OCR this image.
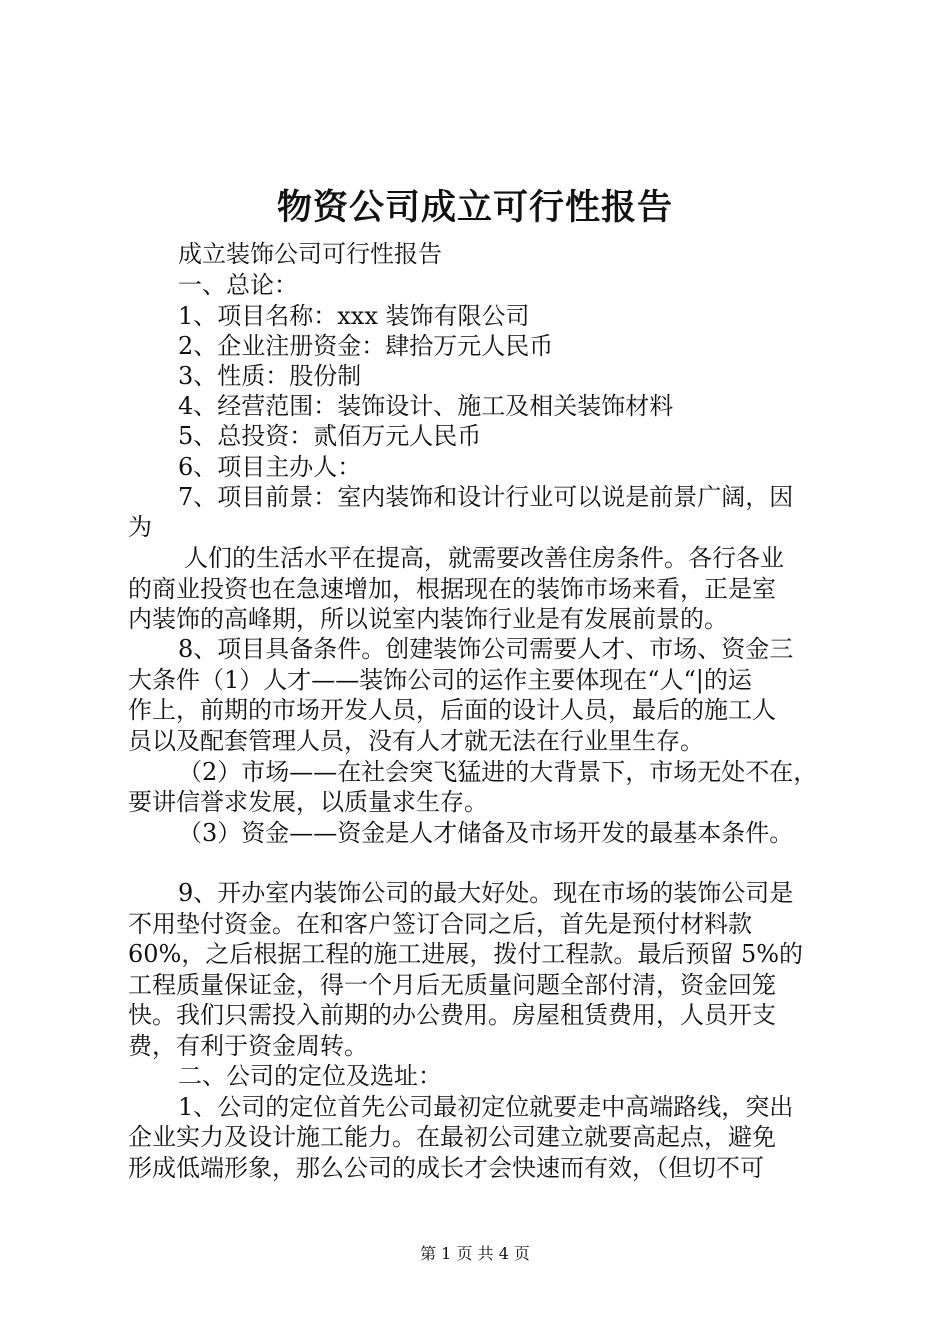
物资公司成立可行性报告
成立装饰公司可行性报告
一、总论：
1、项目名称：xxx 装饰有限公司
2、企业注册资金：肆拾万元人民币
3、性质：股份制
4、经营范围：装饰设计、施工及相关装饰材料
5、总投资：贰佰万元人民币
6、项目主办人：
7、项目前景：室内装饰和设计行业可以说是前景广阔，因
为
人们的生活水平在提高，就需要改善住房条件。各行各业
的商业投资也在急速增加，根据现在的装饰市场来看，正是室
内装饰的高峰期，所以说室内装饰行业是有发展前景的。
8、项目具备条件。创建装饰公司需要人才、市场、资金三
大条件（1）人才——装饰公司的运作主要体现在“人“|的运
作上，前期的市场开发人员，后面的设计人员，最后的施工人
员以及配套管理人员，没有人才就无法在行业里生存。
（2）市场——在社会突飞猛进的大背景下，市场无处不在，
要讲信誉求发展，以质量求生存。
（3）资金——资金是人才储备及市场开发的最基本条件。
9、开办室内装饰公司的最大好处。现在市场的装饰公司是
不用垫付资金。在和客户签订合同之后，首先是预付材料款
60%，之后根据工程的施工进展，拨付工程款。最后预留 5%的
工程质量保证金，得一个月后无质量问题全部付清，资金回笼
快。我们只需投入前期的办公费用。房屋租赁费用，人员开支
费，有利于资金周转。
二、公司的定位及选址：
1、公司的定位首先公司最初定位就要走中高端路线，突出
企业实力及设计施工能力。在最初公司建立就要高起点，避免
形成低端形象，那么公司的成长才会快速而有效，（但切不可
第 1 页 共 4 页
